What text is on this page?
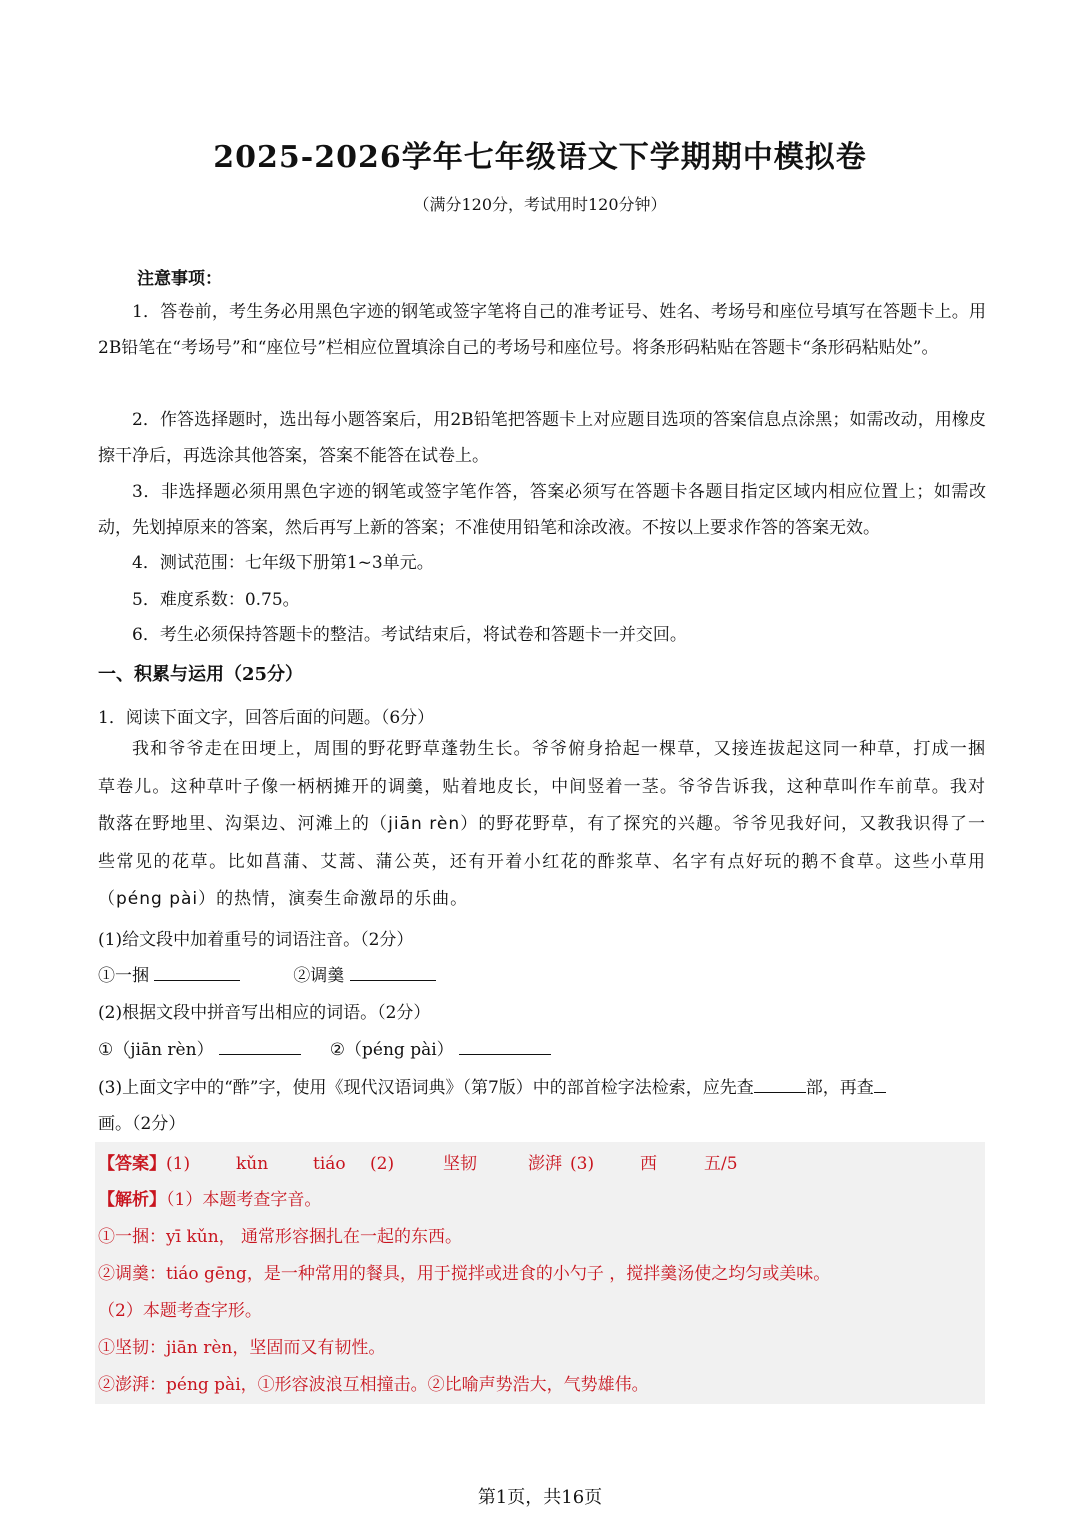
2025-2026学年七年级语文下学期期中模拟卷
（满分120分，考试用时120分钟）
注意事项：

1．答卷前，考生务必用黑色字迹的钢笔或签字笔将自己的准考证号、姓名、考场号和座位号填写在答题卡上。用2B铅笔在“考场号”和“座位号”栏相应位置填涂自己的考场号和座位号。将条形码粘贴在答题卡“条形码粘贴处”。

2．作答选择题时，选出每小题答案后，用2B铅笔把答题卡上对应题目选项的答案信息点涂黑；如需改动，用橡皮擦干净后，再选涂其他答案，答案不能答在试卷上。

3．非选择题必须用黑色字迹的钢笔或签字笔作答，答案必须写在答题卡各题目指定区域内相应位置上；如需改动，先划掉原来的答案，然后再写上新的答案；不准使用铅笔和涂改液。不按以上要求作答的答案无效。

4．测试范围：七年级下册第1~3单元。

5．难度系数：0.75。

6．考生必须保持答题卡的整洁。考试结束后，将试卷和答题卡一并交回。

一、积累与运用（25分）
1．阅读下面文字，回答后面的问题。（6分）

我和爷爷走在田埂上，周围的野花野草蓬勃生长。爷爷俯身拾起一棵草，又接连拔起这同一种草，打成一捆草卷儿。这种草叶子像一柄柄摊开的调羹，贴着地皮长，中间竖着一茎。爷爷告诉我，这种草叫作车前草。我对散落在野地里、沟渠边、河滩上的（jiān rèn）的野花野草，有了探究的兴趣。爷爷见我好问，又教我识得了一些常见的花草。比如菖蒲、艾蒿、蒲公英，还有开着小红花的酢浆草、名字有点好玩的鹅不食草。这些小草用（péng pài）的热情，演奏生命激昂的乐曲。

(1)给文段中加着重号的词语注音。（2分）
①一捆	②调羹
(2)根据文段中拼音写出相应的词语。（2分）
①（jiān rèn）	②（péng pài）
(3)上面文字中的“酢”字，使用《现代汉语词典》（第7版）中的部首检字法检索，应先查	部，再查
画。（2分）
【答案】(1)	kǔn	tiáo (2)	坚韧	澎湃 (3)	西	五/5
【解析】（1）本题考查字音。
①一捆：yī kǔn， 通常形容捆扎在一起的东西。
②调羹：tiáo gēng，是一种常用的餐具，用于搅拌或进食的小勺子 ，搅拌羹汤使之均匀或美味。
（2）本题考查字形。
①坚韧：jiān rèn，坚固而又有韧性。
②澎湃：péng pài，①形容波浪互相撞击。②比喻声势浩大，气势雄伟。
第1页，共16页
